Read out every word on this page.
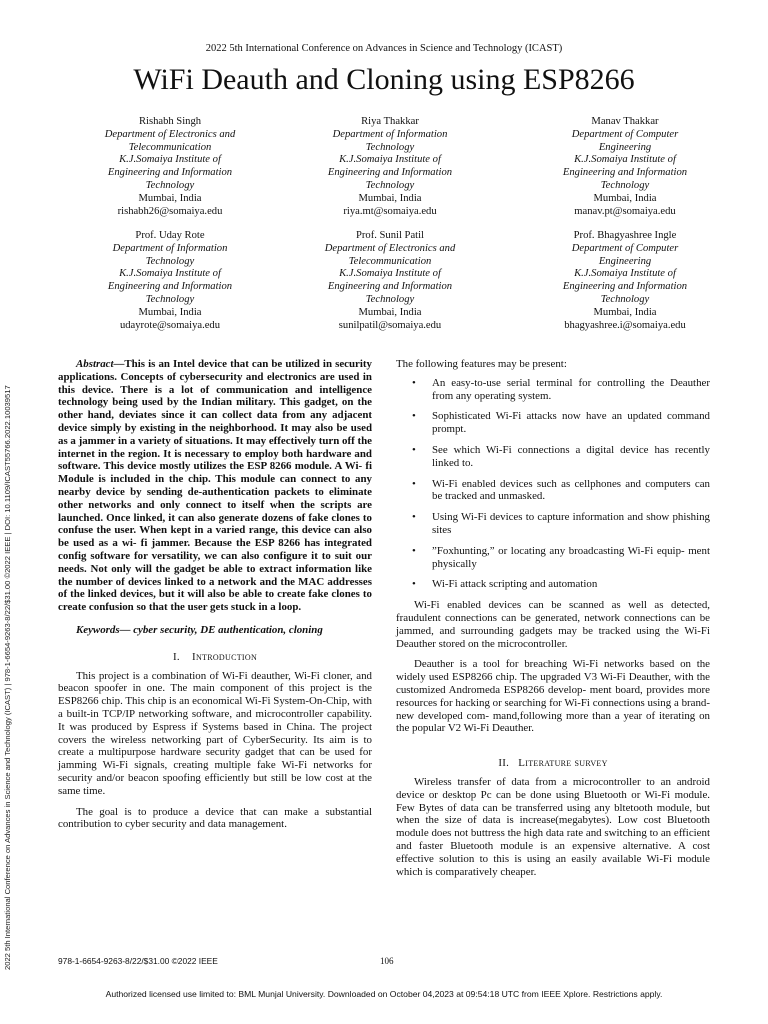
2022 5th International Conference on Advances in Science and Technology (ICAST)
WiFi Deauth and Cloning using ESP8266
Rishabh Singh
Department of Electronics and
Telecommunication
K.J.Somaiya Institute of
Engineering and Information
Technology
Mumbai, India
rishabh26@somaiya.edu
Riya Thakkar
Department of Information
Technology
K.J.Somaiya Institute of
Engineering and Information
Technology
Mumbai, India
riya.mt@somaiya.edu
Manav Thakkar
Department of Computer
Engineering
K.J.Somaiya Institute of
Engineering and Information
Technology
Mumbai, India
manav.pt@somaiya.edu
Prof. Uday Rote
Department of Information
Technology
K.J.Somaiya Institute of
Engineering and Information
Technology
Mumbai, India
udayrote@somaiya.edu
Prof. Sunil Patil
Department of Electronics and
Telecommunication
K.J.Somaiya Institute of
Engineering and Information
Technology
Mumbai, India
sunilpatil@somaiya.edu
Prof. Bhagyashree Ingle
Department of Computer
Engineering
K.J.Somaiya Institute of
Engineering and Information
Technology
Mumbai, India
bhagyashree.i@somaiya.edu
2022 5th International Conference on Advances in Science and Technology (ICAST) | 978-1-6654-9263-8/22/$31.00 ©2022 IEEE | DOI: 10.1109/ICAST55766.2022.10039517

Abstract—This is an Intel device that can be utilized in security applications. Concepts of cybersecurity and electronics are used in this device. There is a lot of communication and intelligence technology being used by the Indian military. This gadget, on the other hand, deviates since it can collect data from any adjacent device simply by existing in the neighborhood. It may also be used as a jammer in a variety of situations. It may effectively turn off the internet in the region. It is necessary to employ both hardware and software. This device mostly utilizes the ESP 8266 module. A Wi- fi Module is included in the chip. This module can connect to any nearby device by sending de-authentication packets to eliminate other networks and only connect to itself when the scripts are launched. Once linked, it can also generate dozens of fake clones to confuse the user. When kept in a varied range, this device can also be used as a wi- fi jammer. Because the ESP 8266 has integrated config software for versatility, we can also configure it to suit our needs. Not only will the gadget be able to extract information like the number of devices linked to a network and the MAC addresses of the linked devices, but it will also be able to create fake clones to create confusion so that the user gets stuck in a loop.

Keywords— cyber security, DE authentication, cloning

I. Introduction

This project is a combination of Wi-Fi deauther, Wi-Fi cloner, and beacon spoofer in one. The main component of this project is the ESP8266 chip. This chip is an economical Wi-Fi System-On-Chip, with a built-in TCP/IP networking software, and microcontroller capability. It was produced by Espress if Systems based in China. The project covers the wireless networking part of CyberSecurity. Its aim is to create a multipurpose hardware security gadget that can be used for jamming Wi-Fi signals, creating multiple fake Wi-Fi networks for security and/or beacon spoofing efficiently but still be low cost at the same time.

The goal is to produce a device that can make a substantial contribution to cyber security and data management.

The following features may be present:

• An easy-to-use serial terminal for controlling the Deauther from any operating system.
• Sophisticated Wi-Fi attacks now have an updated command prompt.
• See which Wi-Fi connections a digital device has recently linked to.
• Wi-Fi enabled devices such as cellphones and computers can be tracked and unmasked.
• Using Wi-Fi devices to capture information and show phishing sites
• ”Foxhunting,” or locating any broadcasting Wi-Fi equip- ment physically
• Wi-Fi attack scripting and automation

Wi-Fi enabled devices can be scanned as well as detected, fraudulent connections can be generated, network connections can be jammed, and surrounding gadgets may be tracked using the Wi-Fi Deauther stored on the microcontroller.

Deauther is a tool for breaching Wi-Fi networks based on the widely used ESP8266 chip. The upgraded V3 Wi-Fi Deauther, with the customized Andromeda ESP8266 develop- ment board, provides more resources for hacking or searching for Wi-Fi connections using a brand-new developed com- mand,following more than a year of iterating on the popular V2 Wi-Fi Deauther.

II. Literature survey

Wireless transfer of data from a microcontroller to an android device or desktop Pc can be done using Bluetooth or Wi-Fi module. Few Bytes of data can be transferred using any bltetooth module, but when the size of data is increase(megabytes). Low cost Bluetooth module does not buttress the high data rate and switching to an efficient and faster Bluetooth module is an expensive alternative. A cost effective solution to this is using an easily available Wi-Fi module which is comparatively cheaper.

978-1-6654-9263-8/22/$31.00 ©2022 IEEE	106
Authorized licensed use limited to: BML Munjal University. Downloaded on October 04,2023 at 09:54:18 UTC from IEEE Xplore. Restrictions apply.
